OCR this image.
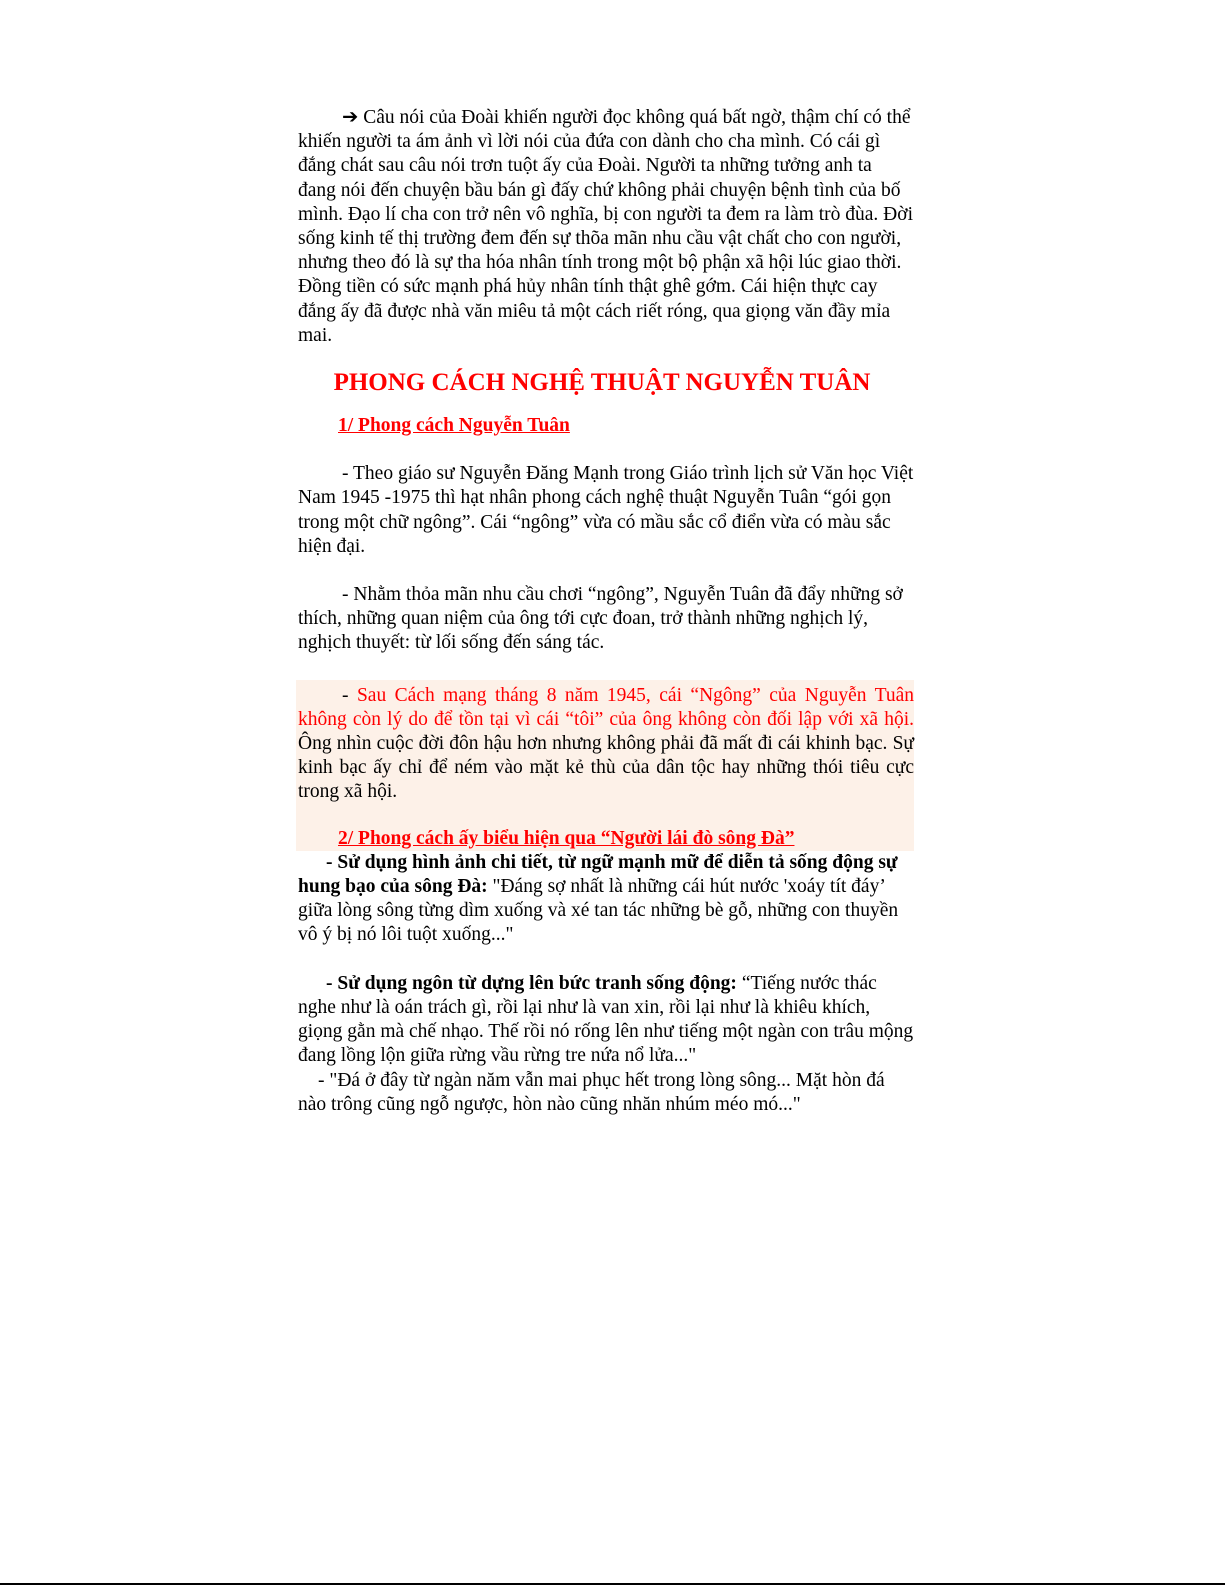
➔ Câu nói của Đoài khiến người đọc không quá bất ngờ, thậm chí có thể khiến người ta ám ảnh vì lời nói của đứa con dành cho cha mình. Có cái gì đắng chát sau câu nói trơn tuột ấy của Đoài. Người ta những tưởng anh ta đang nói đến chuyện bầu bán gì đấy chứ không phải chuyện bệnh tình của bố mình. Đạo lí cha con trở nên vô nghĩa, bị con người ta đem ra làm trò đùa. Đời sống kinh tế thị trường đem đến sự thõa mãn nhu cầu vật chất cho con người, nhưng theo đó là sự tha hóa nhân tính trong một bộ phận xã hội lúc giao thời. Đồng tiền có sức mạnh phá hủy nhân tính thật ghê gớm. Cái hiện thực cay đắng ấy đã được nhà văn miêu tả một cách riết róng, qua giọng văn đầy mỉa mai.

PHONG CÁCH NGHỆ THUẬT NGUYỄN TUÂN

1/ Phong cách Nguyễn Tuân

- Theo giáo sư Nguyễn Đăng Mạnh trong Giáo trình lịch sử Văn học Việt Nam 1945 -1975 thì hạt nhân phong cách nghệ thuật Nguyễn Tuân “gói gọn trong một chữ ngông”. Cái “ngông” vừa có mầu sắc cổ điển vừa có màu sắc hiện đại.

- Nhằm thỏa mãn nhu cầu chơi “ngông”, Nguyễn Tuân đã đẩy những sở thích, những quan niệm của ông tới cực đoan, trở thành những nghịch lý, nghịch thuyết: từ lối sống đến sáng tác.

- Sau Cách mạng tháng 8 năm 1945, cái “Ngông” của Nguyễn Tuân không còn lý do để tồn tại vì cái “tôi” của ông không còn đối lập với xã hội. Ông nhìn cuộc đời đôn hậu hơn nhưng không phải đã mất đi cái khinh bạc. Sự kinh bạc ấy chỉ để ném vào mặt kẻ thù của dân tộc hay những thói tiêu cực trong xã hội.

2/ Phong cách ấy biểu hiện qua “Người lái đò sông Đà”

- Sử dụng hình ảnh chi tiết, từ ngữ mạnh mữ để diễn tả sống động sự hung bạo của sông Đà: "Đáng sợ nhất là những cái hút nước 'xoáy tít đáy’ giữa lòng sông từng dìm xuống và xé tan tác những bè gỗ, những con thuyền vô ý bị nó lôi tuột xuống..."

- Sử dụng ngôn từ dựng lên bức tranh sống động: “Tiếng nước thác nghe như là oán trách gì, rồi lại như là van xin, rồi lại như là khiêu khích, giọng gằn mà chế nhạo. Thế rồi nó rống lên như tiếng một ngàn con trâu mộng đang lồng lộn giữa rừng vầu rừng tre nứa nổ lửa..."

- "Đá ở đây từ ngàn năm vẫn mai phục hết trong lòng sông... Mặt hòn đá nào trông cũng ngỗ ngược, hòn nào cũng nhăn nhúm méo mó..."
